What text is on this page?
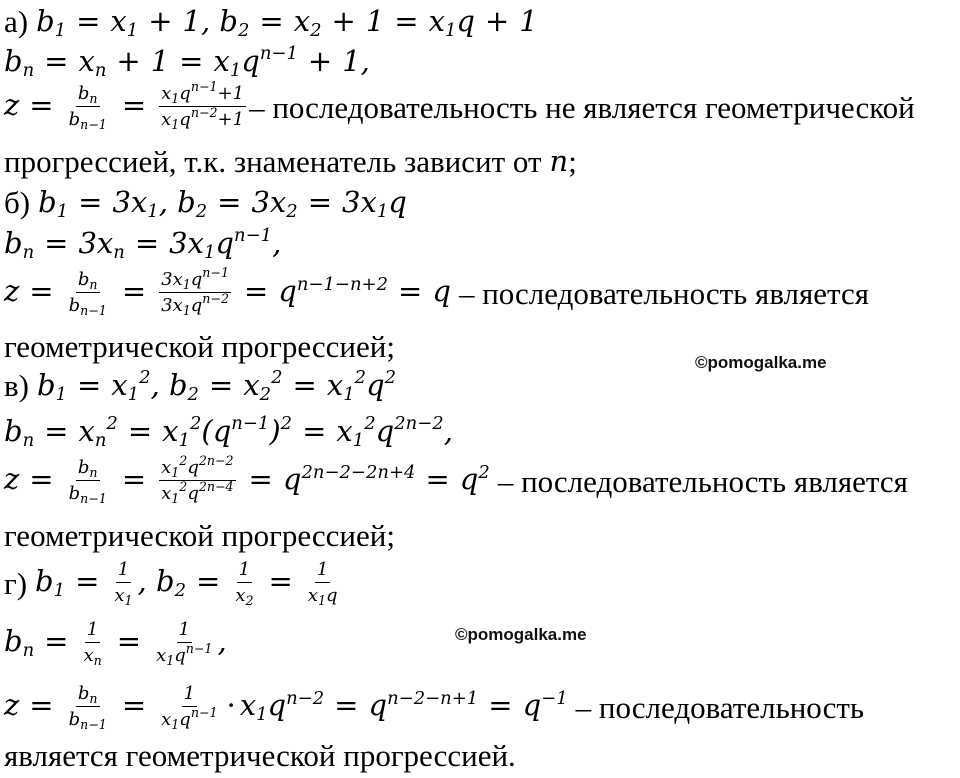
а) $b_1 = x_1 + 1$, $b_2 = x_2 + 1 = x_1q + 1$
$b_n = x_n + 1 = x_1q^{n-1} + 1$,
$z = \frac{b_n}{b_{n-1}} = \frac{x_1q^{n-1}+1}{x_1q^{n-2}+1}$ – последовательность не является геометрической
прогрессией, т.к. знаменатель зависит от n ;
б) $b_1 = 3x_1$, $b_2 = 3x_2 = 3x_1q$
$b_n = 3x_n = 3x_1q^{n-1}$,
$z = \frac{b_n}{b_{n-1}} = \frac{3x_1q^{n-1}}{3x_1q^{n-2}} = q^{n-1-n+2} = q$ – последовательность является
геометрической прогрессией;
в) $b_1 = x_1^2$, $b_2 = x_2^2 = x_1^2q^2$
$b_n = x_n^2 = x_1^2(q^{n-1})^2 = x_1^2q^{2n-2}$,
$z = \frac{b_n}{b_{n-1}} = \frac{x_1^2q^{2n-2}}{x_1^2q^{2n-4}} = q^{2n-2-2n+4} = q^2$ – последовательность является
геометрической прогрессией;
г) $b_1 = \frac{1}{x_1}$ , $b_2 = \frac{1}{x_2} = \frac{1}{x_1q}$
$b_n = \frac{1}{x_n} = \frac{1}{x_1q^{n-1}}$ ,
$z = \frac{b_n}{b_{n-1}} = \frac{1}{x_1q^{n-1}} \cdot x_1q^{n-2} = q^{n-2-n+1} = q^{-1}$ – последовательность
является геометрической прогрессией.
©pomogalka.me
©pomogalka.me
